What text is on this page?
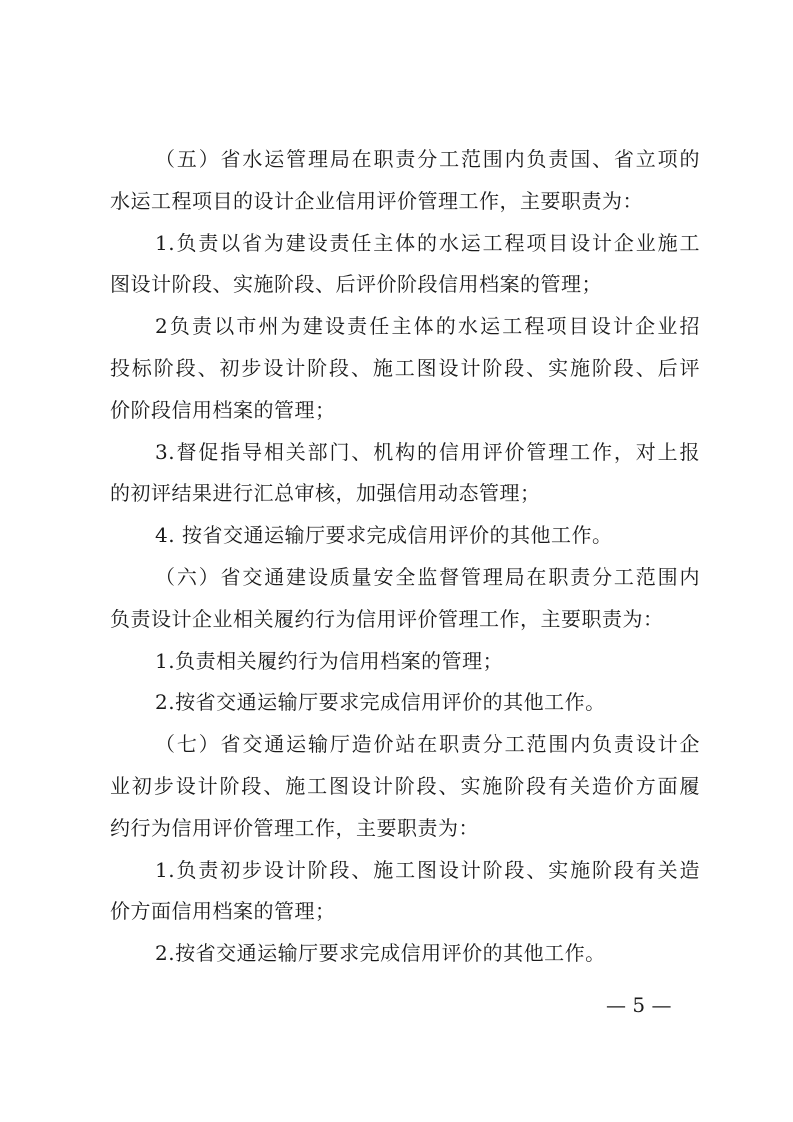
（五）省水运管理局在职责分工范围内负责国、省立项的
水运工程项目的设计企业信用评价管理工作，主要职责为：
1.负责以省为建设责任主体的水运工程项目设计企业施工
图设计阶段、实施阶段、后评价阶段信用档案的管理；
2负责以市州为建设责任主体的水运工程项目设计企业招
投标阶段、初步设计阶段、施工图设计阶段、实施阶段、后评
价阶段信用档案的管理；
3.督促指导相关部门、机构的信用评价管理工作，对上报
的初评结果进行汇总审核，加强信用动态管理；
4. 按省交通运输厅要求完成信用评价的其他工作。
（六）省交通建设质量安全监督管理局在职责分工范围内
负责设计企业相关履约行为信用评价管理工作，主要职责为：
1.负责相关履约行为信用档案的管理；
2.按省交通运输厅要求完成信用评价的其他工作。
（七）省交通运输厅造价站在职责分工范围内负责设计企
业初步设计阶段、施工图设计阶段、实施阶段有关造价方面履
约行为信用评价管理工作，主要职责为：
1.负责初步设计阶段、施工图设计阶段、实施阶段有关造
价方面信用档案的管理；
2.按省交通运输厅要求完成信用评价的其他工作。
— 5 —
